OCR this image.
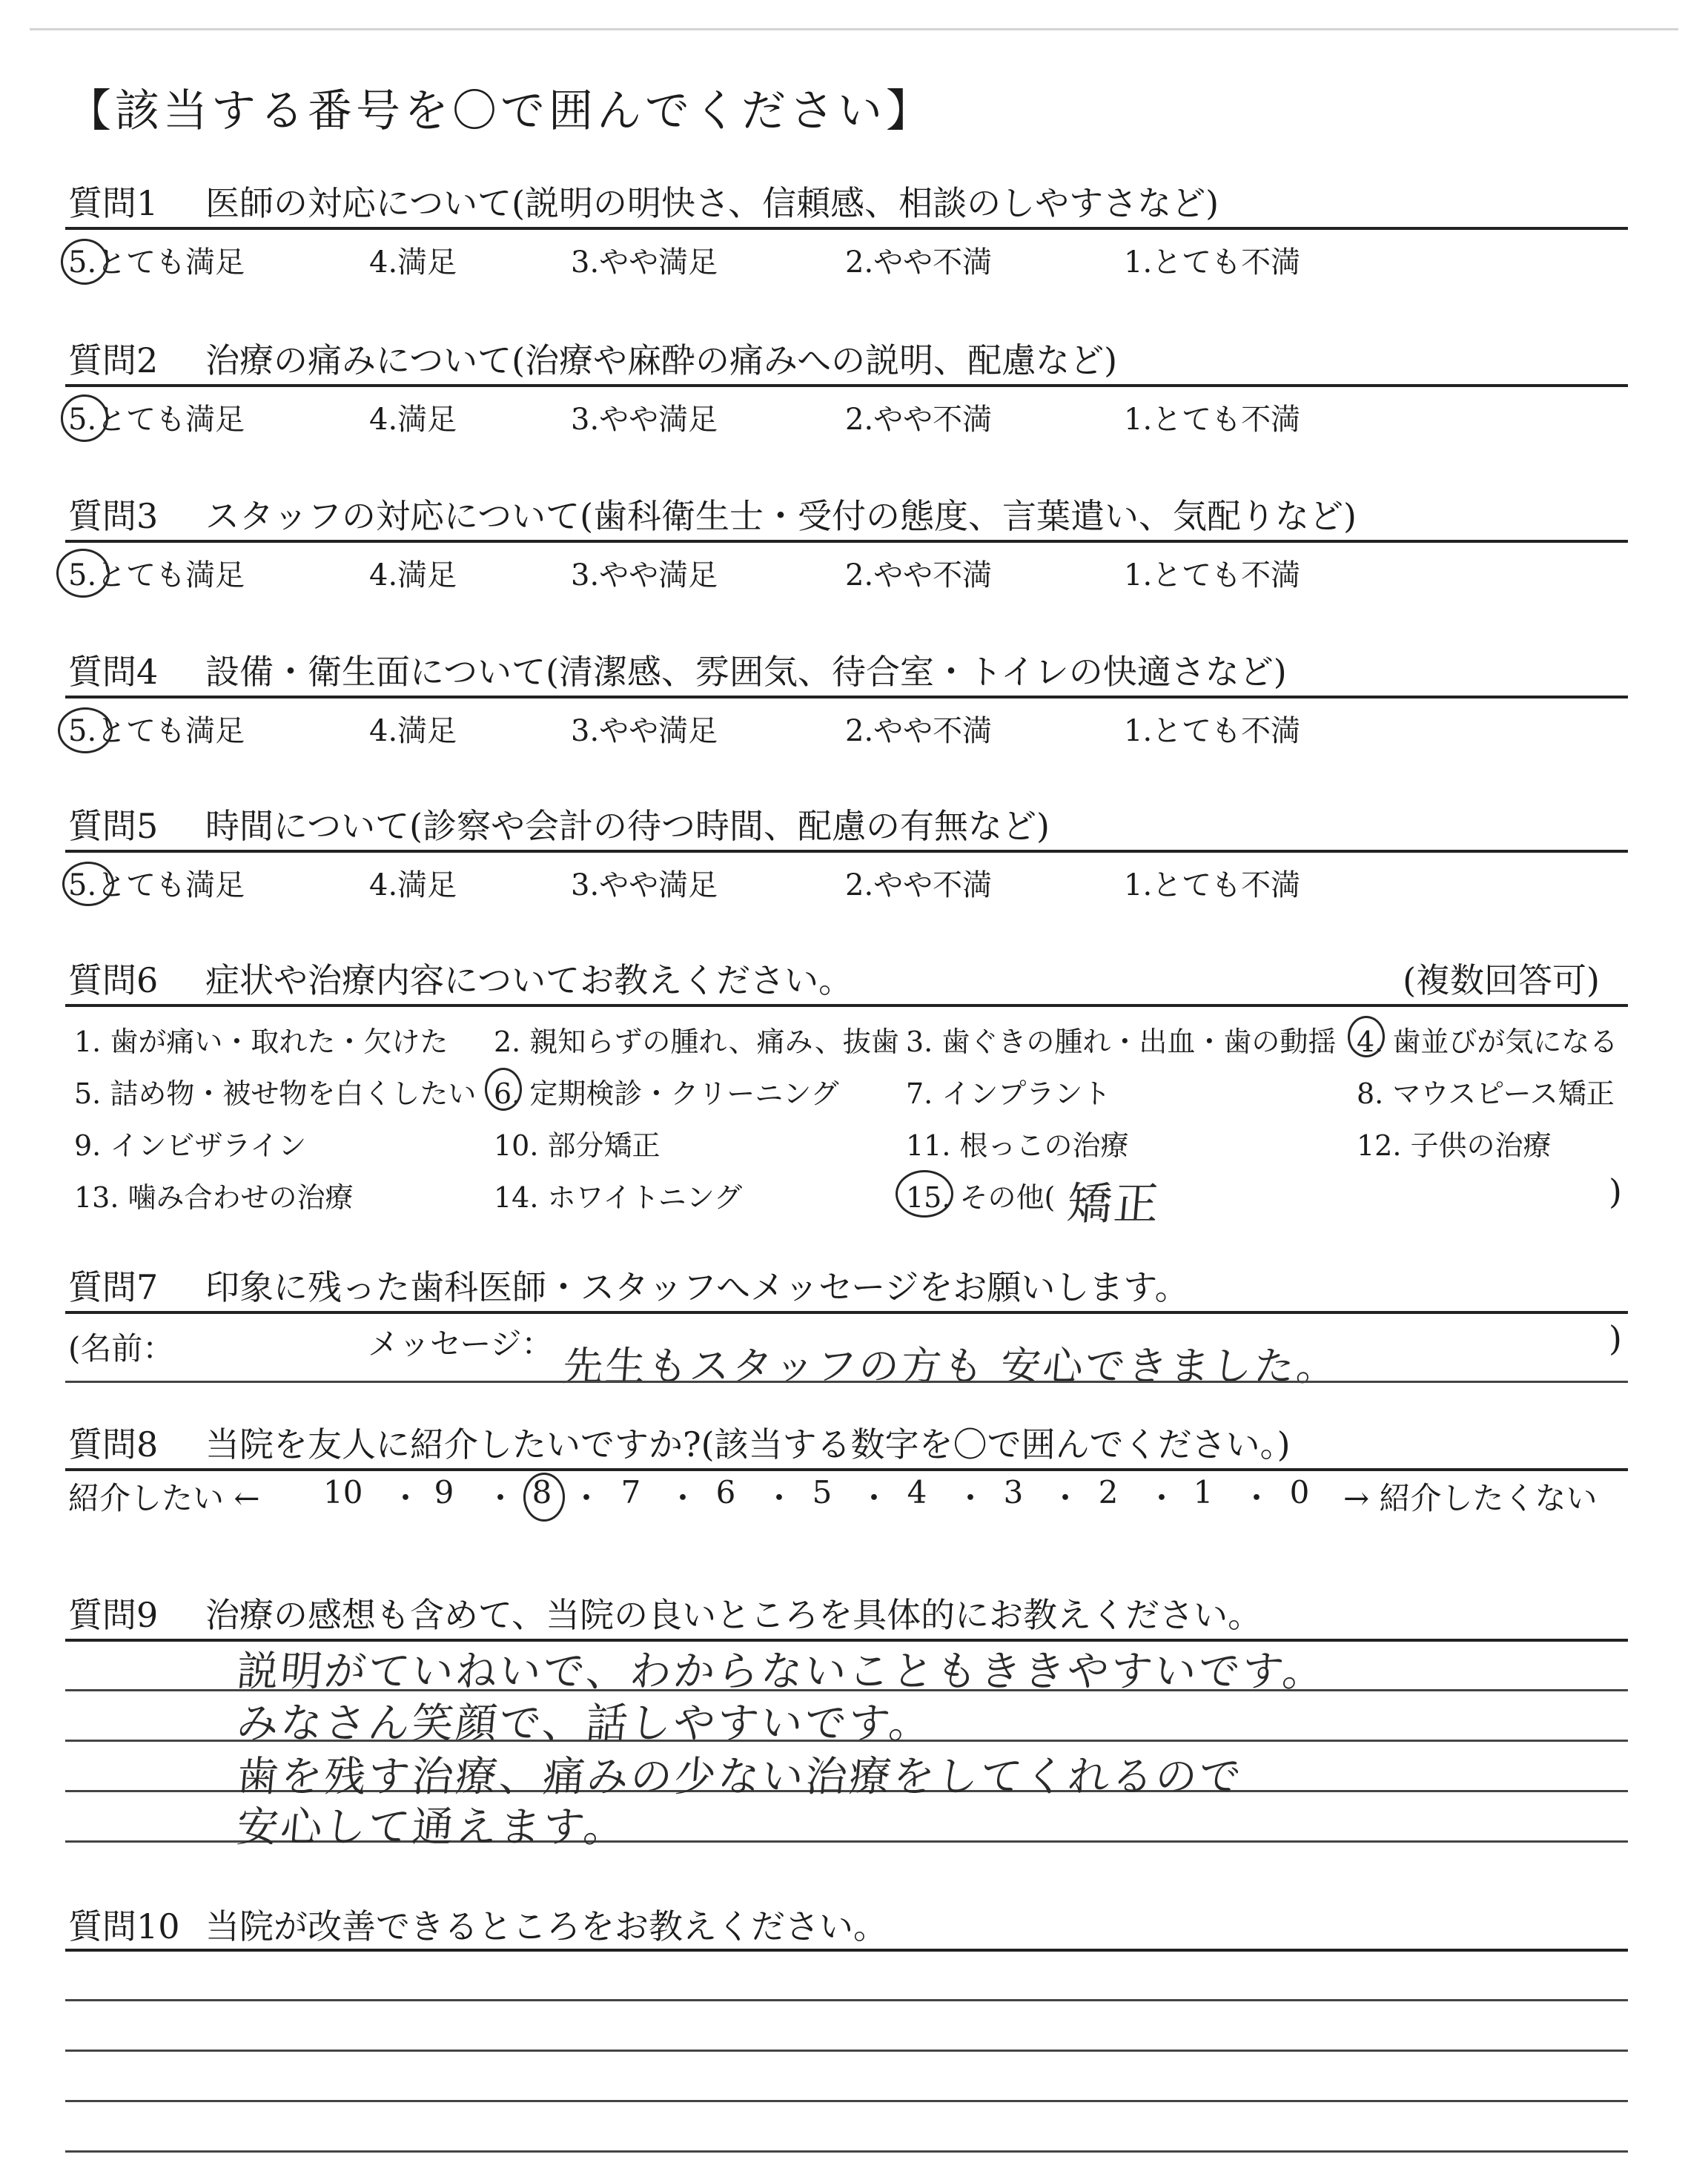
【該当する番号を〇で囲んでください】
質問1 医師の対応について(説明の明快さ、信頼感、相談のしやすさなど)
5.とても満足	4.満足	3.やや満足	2.やや不満	1.とても不満
質問2 治療の痛みについて(治療や麻酔の痛みへの説明、配慮など)
5.とても満足	4.満足	3.やや満足	2.やや不満	1.とても不満
質問3 スタッフの対応について(歯科衛生士・受付の態度、言葉遣い、気配りなど)
5.とても満足	4.満足	3.やや満足	2.やや不満	1.とても不満
質問4 設備・衛生面について(清潔感、雰囲気、待合室・トイレの快適さなど)
5.とても満足	4.満足	3.やや満足	2.やや不満	1.とても不満
質問5 時間について(診察や会計の待つ時間、配慮の有無など)
5.とても満足	4.満足	3.やや満足	2.やや不満	1.とても不満
質問6 症状や治療内容についてお教えください。	(複数回答可)
1. 歯が痛い・取れた・欠けた 2. 親知らずの腫れ、痛み、抜歯 3. 歯ぐきの腫れ・出血・歯の動揺 4. 歯並びが気になる
5. 詰め物・被せ物を白くしたい 6. 定期検診・クリーニング 7. インプラント	8. マウスピース矯正
9. インビザライン	10. 部分矯正	11. 根っこの治療	12. 子供の治療
13. 噛み合わせの治療	14. ホワイトニング	15. その他(	)
矯正
質問7 印象に残った歯科医師・スタッフへメッセージをお願いします。
(名前：	メッセージ： 先生もスタッフの方も 安心できました。
)
質問8 当院を友人に紹介したいですか?(該当する数字を〇で囲んでください。)
紹介したい ← 10 ・ 9 ・ 8 ・ 7 ・ 6 ・ 5 ・ 4 ・ 3 ・ 2 ・ 1 ・ 0 → 紹介したくない
質問9 治療の感想も含めて、当院の良いところを具体的にお教えください。
説明がていねいで、わからないこともききやすいです。
みなさん笑顔で、話しやすいです。
歯を残す治療、痛みの少ない治療をしてくれるので
安心して通えます。
質問10 当院が改善できるところをお教えください。
